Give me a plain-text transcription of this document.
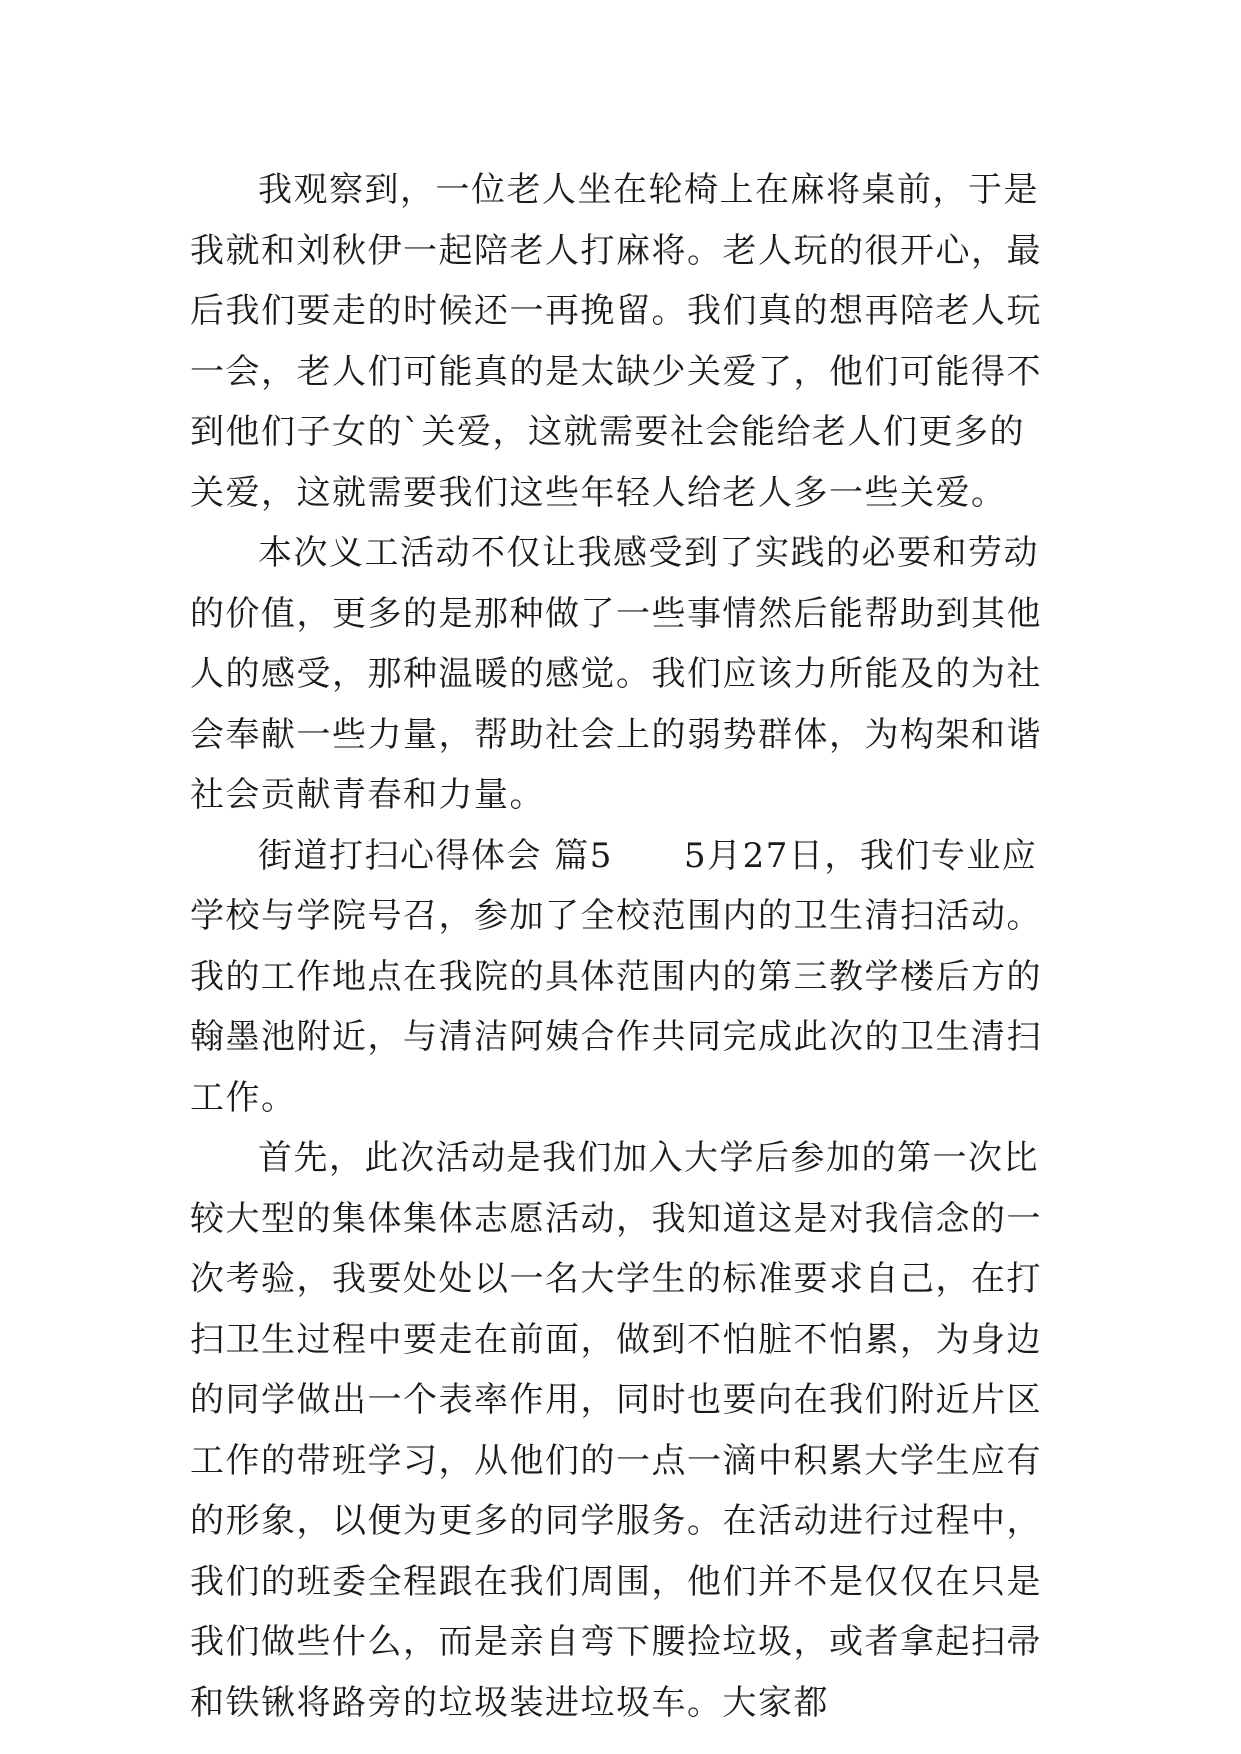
我观察到，一位老人坐在轮椅上在麻将桌前，于是我就和刘秋伊一起陪老人打麻将。老人玩的很开心，最后我们要走的时候还一再挽留。我们真的想再陪老人玩一会，老人们可能真的是太缺少关爱了，他们可能得不到他们子女的`关爱，这就需要社会能给老人们更多的关爱，这就需要我们这些年轻人给老人多一些关爱。

本次义工活动不仅让我感受到了实践的必要和劳动的价值，更多的是那种做了一些事情然后能帮助到其他人的感受，那种温暖的感觉。我们应该力所能及的为社会奉献一些力量，帮助社会上的弱势群体，为构架和谐社会贡献青春和力量。

街道打扫心得体会 篇5　　5月27日，我们专业应学校与学院号召，参加了全校范围内的卫生清扫活动。我的工作地点在我院的具体范围内的第三教学楼后方的翰墨池附近，与清洁阿姨合作共同完成此次的卫生清扫工作。

首先，此次活动是我们加入大学后参加的第一次比较大型的集体集体志愿活动，我知道这是对我信念的一次考验，我要处处以一名大学生的标准要求自己，在打扫卫生过程中要走在前面，做到不怕脏不怕累，为身边的同学做出一个表率作用，同时也要向在我们附近片区工作的带班学习，从他们的一点一滴中积累大学生应有的形象，以便为更多的同学服务。在活动进行过程中，我们的班委全程跟在我们周围，他们并不是仅仅在只是我们做些什么，而是亲自弯下腰捡垃圾，或者拿起扫帚和铁锹将路旁的垃圾装进垃圾车。大家都
